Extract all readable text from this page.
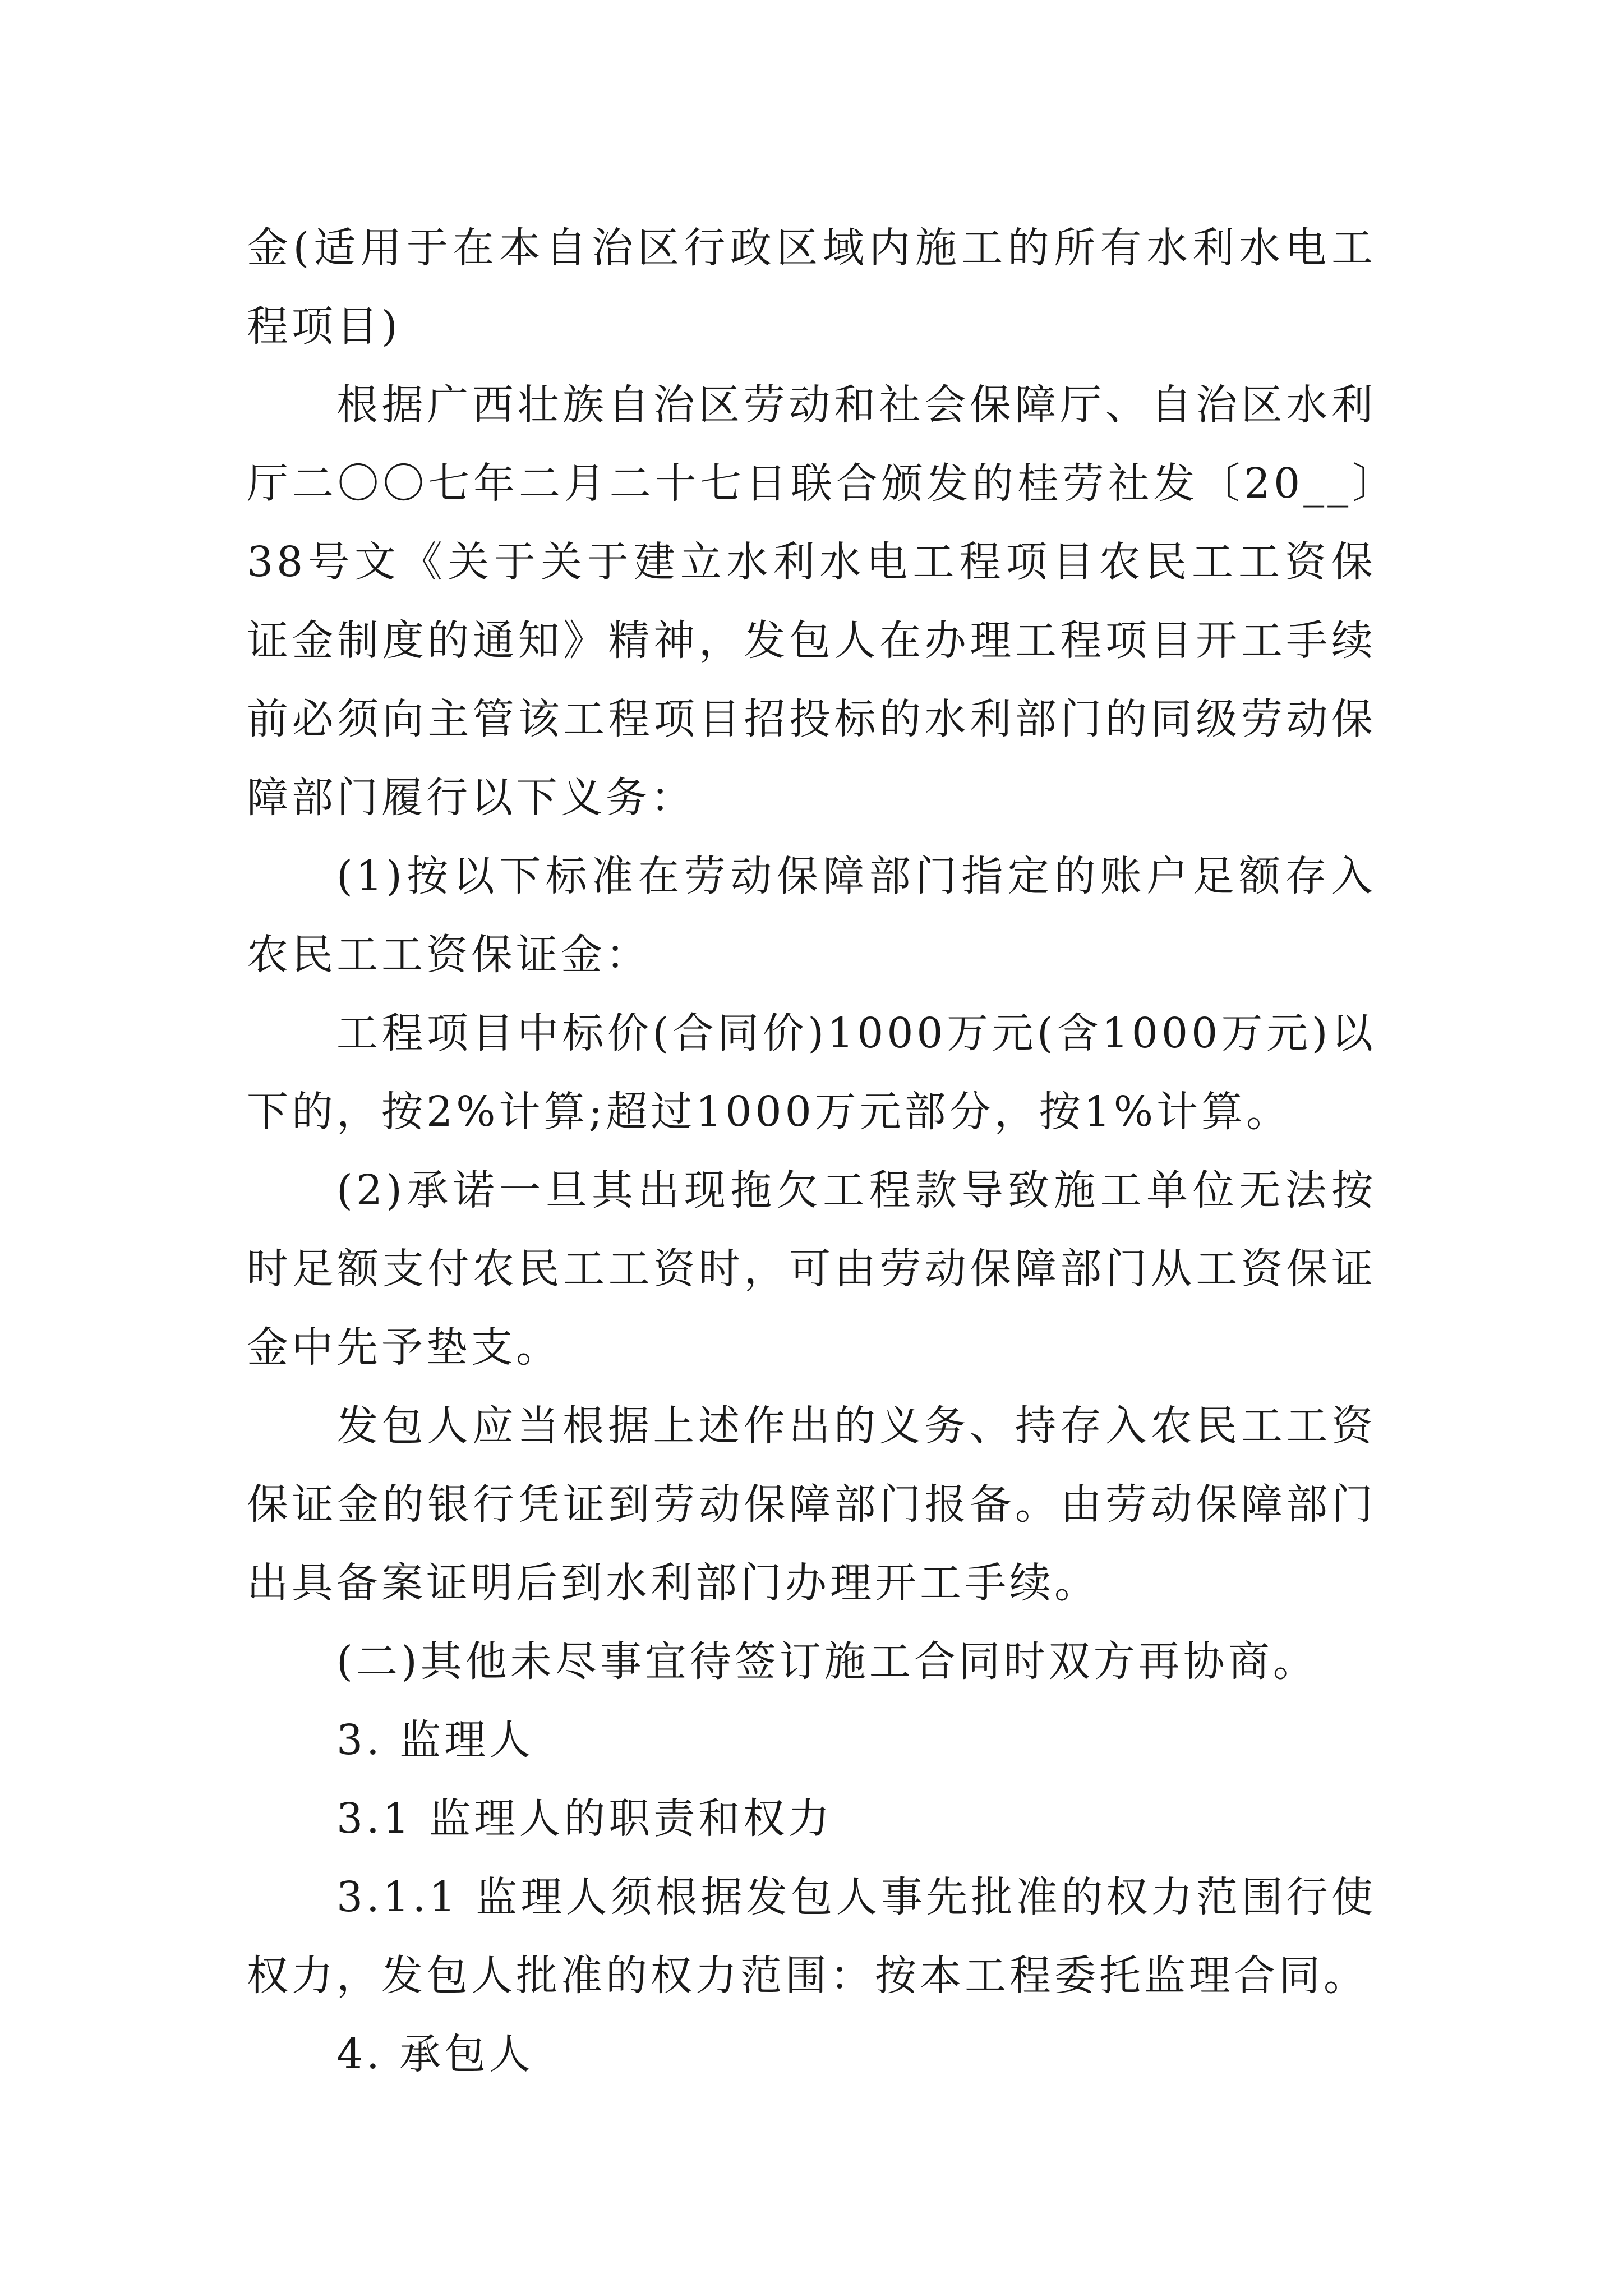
金(适用于在本自治区行政区域内施工的所有水利水电工程项目)

根据广西壮族自治区劳动和社会保障厅、自治区水利厅二〇〇七年二月二十七日联合颁发的桂劳社发〔20__〕38号文《关于关于建立水利水电工程项目农民工工资保证金制度的通知》精神，发包人在办理工程项目开工手续前必须向主管该工程项目招投标的水利部门的同级劳动保障部门履行以下义务：

(1)按以下标准在劳动保障部门指定的账户足额存入农民工工资保证金：

工程项目中标价(合同价)1000万元(含1000万元)以下的，按2%计算;超过1000万元部分，按1%计算。

(2)承诺一旦其出现拖欠工程款导致施工单位无法按时足额支付农民工工资时，可由劳动保障部门从工资保证金中先予垫支。

发包人应当根据上述作出的义务、持存入农民工工资保证金的银行凭证到劳动保障部门报备。由劳动保障部门出具备案证明后到水利部门办理开工手续。

(二)其他未尽事宜待签订施工合同时双方再协商。

3. 监理人

3.1 监理人的职责和权力

3.1.1 监理人须根据发包人事先批准的权力范围行使权力，发包人批准的权力范围：按本工程委托监理合同。

4. 承包人
